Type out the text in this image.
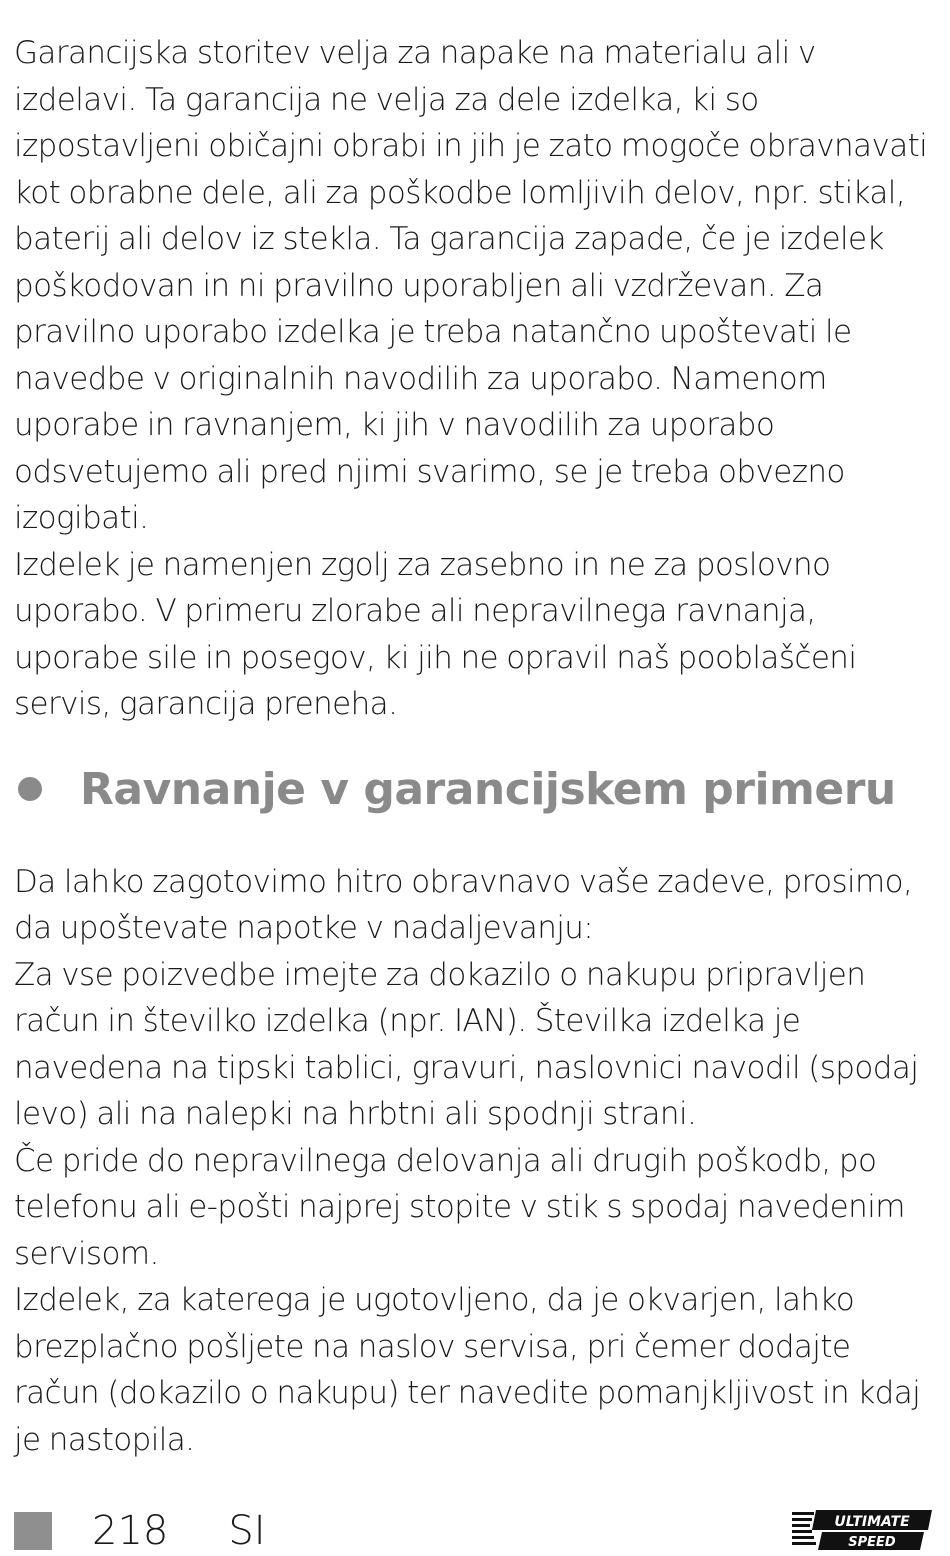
Garancijska storitev velja za napake na materialu ali v izdelavi. Ta garancija ne velja za dele izdelka, ki so izpostavljeni običajni obrabi in jih je zato mogoče obravnavati kot obrabne dele, ali za poškodbe lomljivih delov, npr. stikal, baterij ali delov iz stekla. Ta garancija zapade, če je izdelek poškodovan in ni pravilno uporabljen ali vzdrževan. Za pravilno uporabo izdelka je treba natančno upoštevati le navedbe v originalnih navodilih za uporabo. Namenom uporabe in ravnanjem, ki jih v navodilih za uporabo odsvetujemo ali pred njimi svarimo, se je treba obvezno izogibati.

Izdelek je namenjen zgolj za zasebno in ne za poslovno uporabo. V primeru zlorabe ali nepravilnega ravnanja, uporabe sile in posegov, ki jih ne opravil naš pooblaščeni servis, garancija preneha.

Ravnanje v garancijskem primeru

Da lahko zagotovimo hitro obravnavo vaše zadeve, prosimo, da upoštevate napotke v nadaljevanju:

Za vse poizvedbe imejte za dokazilo o nakupu pripravljen račun in številko izdelka (npr. IAN). Številka izdelka je navedena na tipski tablici, gravuri, naslovnici navodil (spodaj levo) ali na nalepki na hrbtni ali spodnji strani.

Če pride do nepravilnega delovanja ali drugih poškodb, po telefonu ali e-pošti najprej stopite v stik s spodaj navedenim servisom.

Izdelek, za katerega je ugotovljeno, da je okvarjen, lahko brezplačno pošljete na naslov servisa, pri čemer dodajte račun (dokazilo o nakupu) ter navedite pomanjkljivost in kdaj je nastopila.

218 SI	ULTIMATE
SPEED
